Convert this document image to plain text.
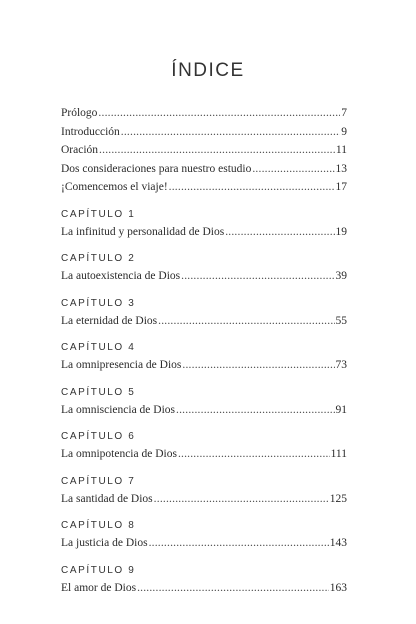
ÍNDICE
Prólogo .....	7
Introducción .....	9
Oración .....	11
Dos consideraciones para nuestro estudio .....	13
¡Comencemos el viaje! .....	17
CAPÍTULO 1
La infinitud y personalidad de Dios .....	19
CAPÍTULO 2
La autoexistencia de Dios .....	39
CAPÍTULO 3
La eternidad de Dios .....	55
CAPÍTULO 4
La omnipresencia de Dios .....	73
CAPÍTULO 5
La omnisciencia de Dios .....	91
CAPÍTULO 6
La omnipotencia de Dios .....	111
CAPÍTULO 7
La santidad de Dios .....	125
CAPÍTULO 8
La justicia de Dios .....	143
CAPÍTULO 9
El amor de Dios .....	163
